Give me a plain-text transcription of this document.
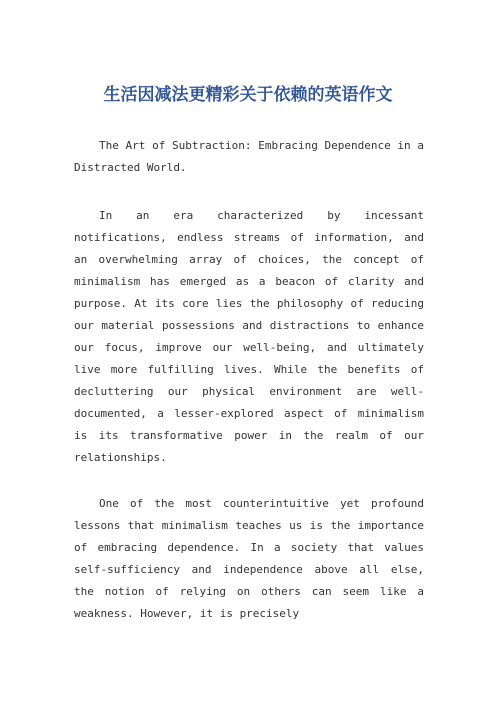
生活因减法更精彩关于依赖的英语作文

The Art of Subtraction: Embracing Dependence in a Distracted World.

In an era characterized by incessant notifications, endless streams of information, and an overwhelming array of choices, the concept of minimalism has emerged as a beacon of clarity and purpose. At its core lies the philosophy of reducing our material possessions and distractions to enhance our focus, improve our well-being, and ultimately live more fulfilling lives. While the benefits of decluttering our physical environment are well-documented, a lesser-explored aspect of minimalism is its transformative power in the realm of our relationships.

One of the most counterintuitive yet profound lessons that minimalism teaches us is the importance of embracing dependence. In a society that values self-sufficiency and independence above all else, the notion of relying on others can seem like a weakness. However, it is precisely
